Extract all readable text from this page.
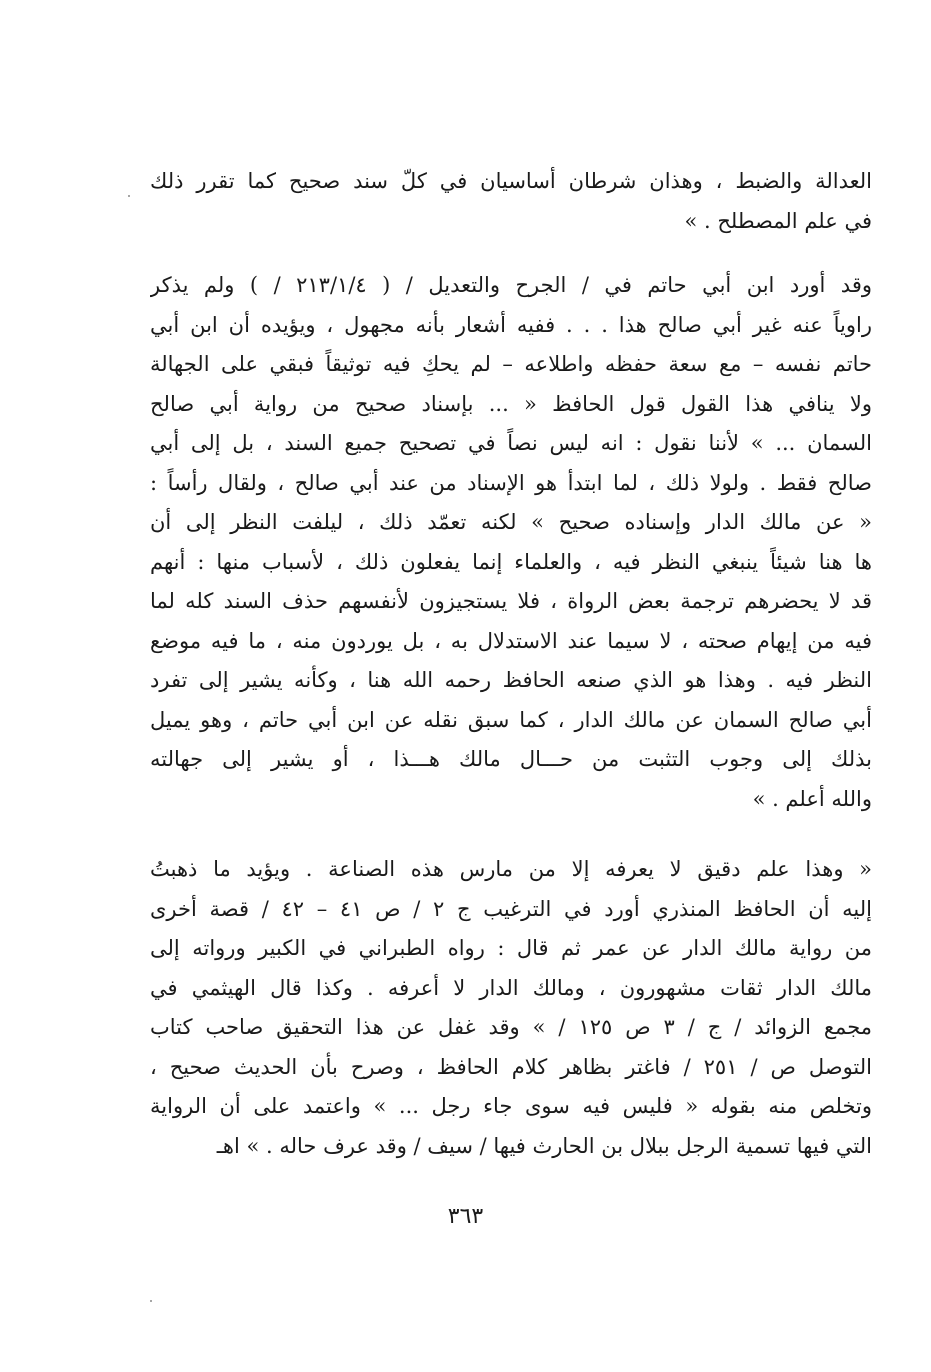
العدالة والضبط ، وهذان شرطان أساسيان في كلّ سند صحيح كما تقرر ذلك
في علم المصطلح . »
وقد أورد ابن أبي حاتم في / الجرح والتعديل / ( ٢١٣/١/٤ / ) ولم يذكر
راوياً عنه غير أبي صالح هذا . . . ففيه أشعار بأنه مجهول ، ويؤيده أن ابن أبي
حاتم نفسه – مع سعة حفظه واطلاعه – لم يحكِ فيه توثيقاً فبقي على الجهالة
ولا ينافي هذا القول قول الحافظ « ... بإسناد صحيح من رواية أبي صالح
السمان ... » لأننا نقول : انه ليس نصاً في تصحيح جميع السند ، بل إلى أبي
صالح فقط . ولولا ذلك ، لما ابتدأ هو الإسناد من عند أبي صالح ، ولقال رأساً :
« عن مالك الدار وإسناده صحيح » لكنه تعمّد ذلك ، ليلفت النظر إلى أن
ها هنا شيئاً ينبغي النظر فيه ، والعلماء إنما يفعلون ذلك ، لأسباب منها : أنهم
قد لا يحضرهم ترجمة بعض الرواة ، فلا يستجيزون لأنفسهم حذف السند كله لما
فيه من إيهام صحته ، لا سيما عند الاستدلال به ، بل يوردون منه ، ما فيه موضع
النظر فيه . وهذا هو الذي صنعه الحافظ رحمه الله هنا ، وكأنه يشير إلى تفرد
أبي صالح السمان عن مالك الدار ، كما سبق نقله عن ابن أبي حاتم ، وهو يميل
بذلك إلى وجوب التثبت من حـــال مالك هـــذا ، أو يشير إلى جهالته
والله أعلم . »
« وهذا علم دقيق لا يعرفه إلا من مارس هذه الصناعة . ويؤيد ما ذهبتُ
إليه أن الحافظ المنذري أورد في الترغيب ج ٢ / ص ٤١ – ٤٢ / قصة أخرى
من رواية مالك الدار عن عمر ثم قال : رواه الطبراني في الكبير ورواته إلى
مالك الدار ثقات مشهورون ، ومالك الدار لا أعرفه . وكذا قال الهيثمي في
مجمع الزوائد / ج / ٣ ص ١٢٥ / » وقد غفل عن هذا التحقيق صاحب كتاب
التوصل ص / ٢٥١ / فاغتر بظاهر كلام الحافظ ، وصرح بأن الحديث صحيح ،
وتخلص منه بقوله « فليس فيه سوى جاء رجل ... » واعتمد على أن الرواية
التي فيها تسمية الرجل ببلال بن الحارث فيها / سيف / وقد عرف حاله . » اهـ
٣٦٣
